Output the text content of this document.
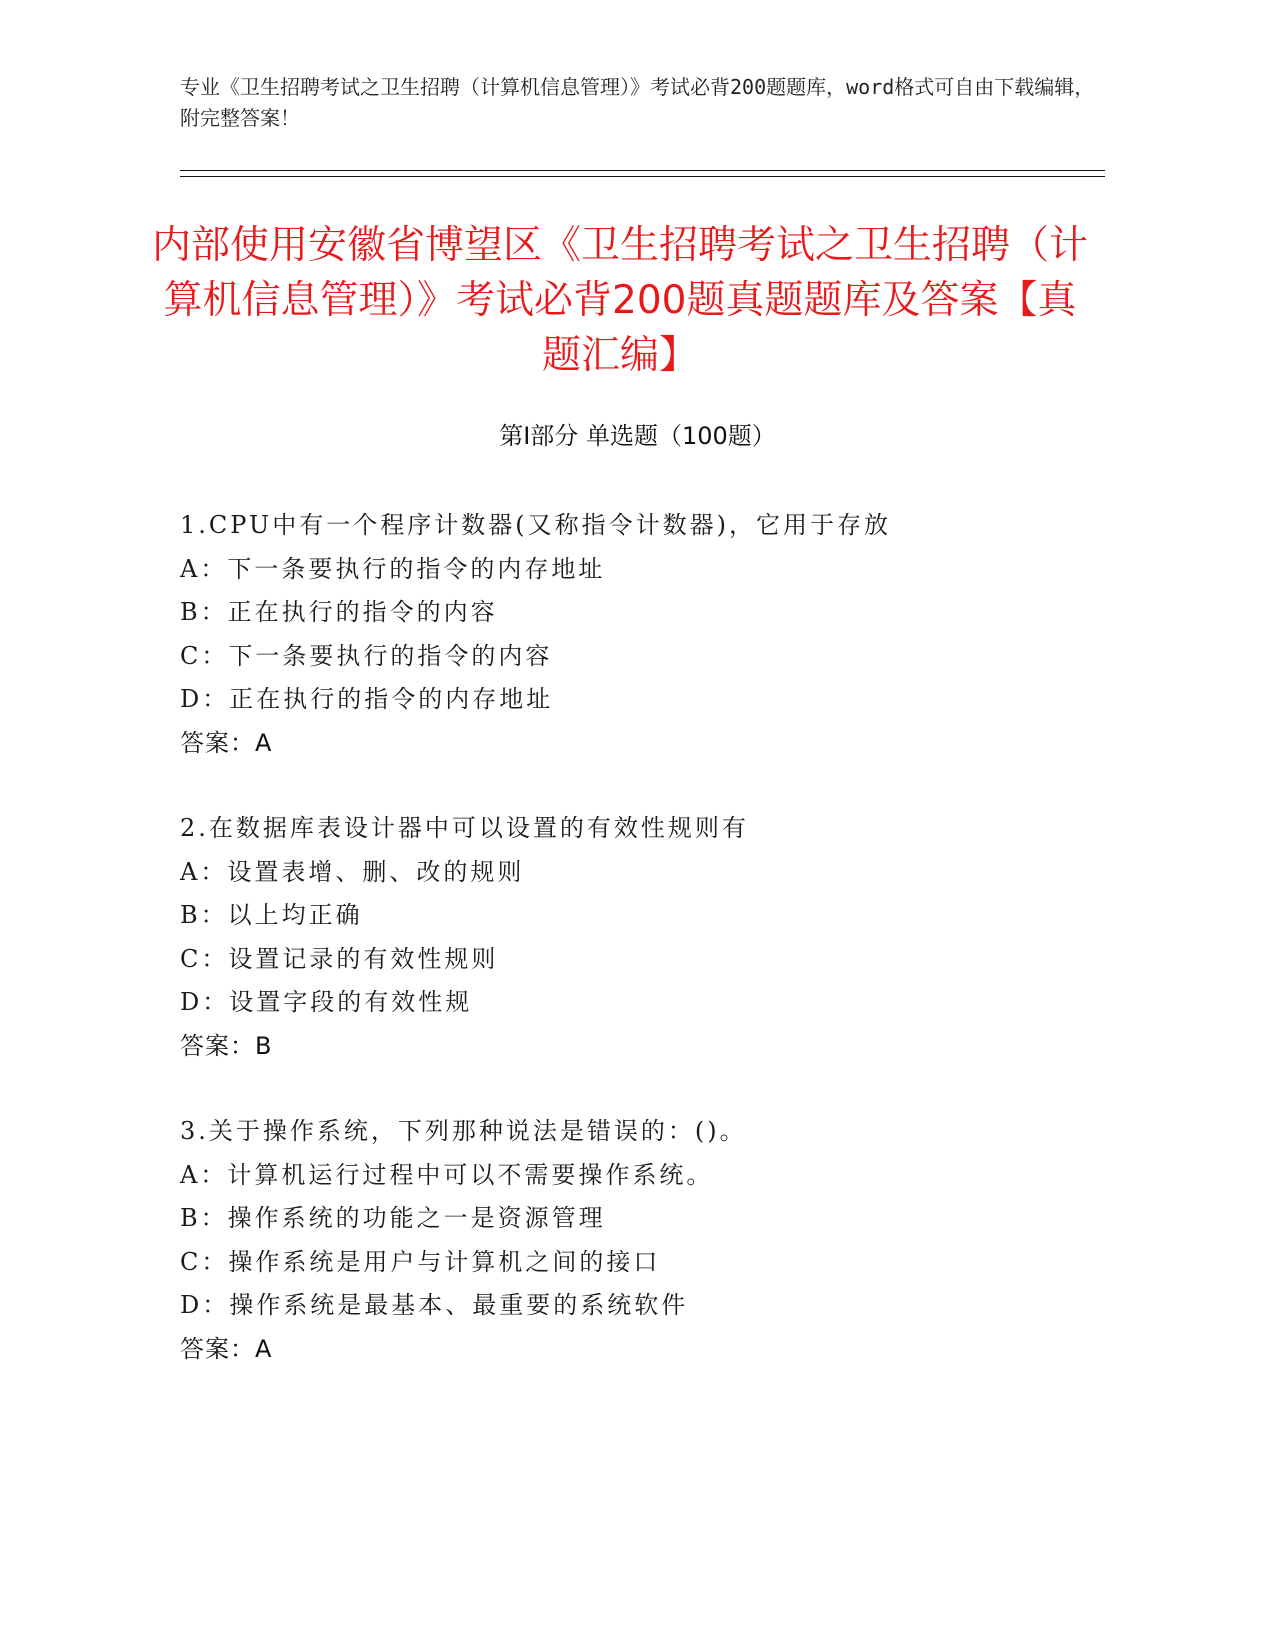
专业《卫生招聘考试之卫生招聘（计算机信息管理）》考试必背200题题库，word格式可自由下载编辑，附完整答案！
内部使用安徽省博望区《卫生招聘考试之卫生招聘（计算机信息管理）》考试必背200题真题题库及答案【真题汇编】
第Ⅰ部分 单选题（100题）
1.CPU中有一个程序计数器(又称指令计数器)，它用于存放
A：下一条要执行的指令的内存地址
B：正在执行的指令的内容
C：下一条要执行的指令的内容
D：正在执行的指令的内存地址
答案：A
2.在数据库表设计器中可以设置的有效性规则有
A：设置表增、删、改的规则
B：以上均正确
C：设置记录的有效性规则
D：设置字段的有效性规
答案：B
3.关于操作系统，下列那种说法是错误的：()。
A：计算机运行过程中可以不需要操作系统。
B：操作系统的功能之一是资源管理
C：操作系统是用户与计算机之间的接口
D：操作系统是最基本、最重要的系统软件
答案：A
